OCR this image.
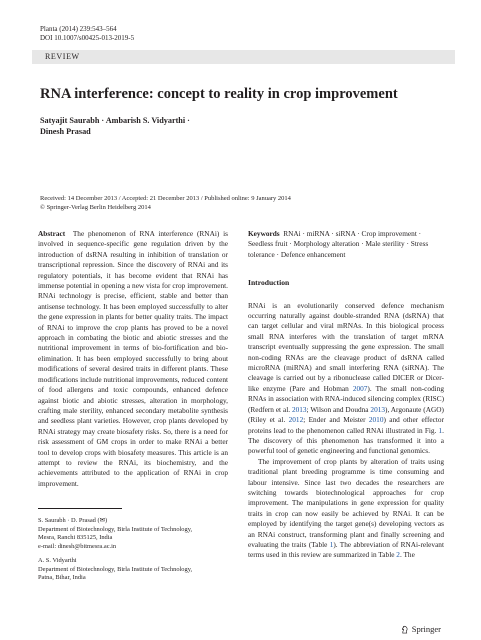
Planta (2014) 239:543–564
DOI 10.1007/s00425-013-2019-5
REVIEW
RNA interference: concept to reality in crop improvement
Satyajit Saurabh · Ambarish S. Vidyarthi ·
Dinesh Prasad
Received: 14 December 2013 / Accepted: 21 December 2013 / Published online: 9 January 2014
© Springer-Verlag Berlin Heidelberg 2014

Abstract The phenomenon of RNA interference (RNAi) is involved in sequence-specific gene regulation driven by the introduction of dsRNA resulting in inhibition of translation or transcriptional repression. Since the discovery of RNAi and its regulatory potentials, it has become evident that RNAi has immense potential in opening a new vista for crop improvement. RNAi technology is precise, efficient, stable and better than antisense technology. It has been employed successfully to alter the gene expression in plants for better quality traits. The impact of RNAi to improve the crop plants has proved to be a novel approach in combating the biotic and abiotic stresses and the nutritional improvement in terms of bio-fortification and bio-elimination. It has been employed successfully to bring about modifications of several desired traits in different plants. These modifications include nutritional improvements, reduced content of food allergens and toxic compounds, enhanced defence against biotic and abiotic stresses, alteration in morphology, crafting male sterility, enhanced secondary metabolite synthesis and seedless plant varieties. However, crop plants developed by RNAi strategy may create biosafety risks. So, there is a need for risk assessment of GM crops in order to make RNAi a better tool to develop crops with biosafety measures. This article is an attempt to review the RNAi, its biochemistry, and the achievements attributed to the application of RNAi in crop improvement.

S. Saurabh · D. Prasad (✉)
Department of Biotechnology, Birla Institute of Technology,
Mesra, Ranchi 835125, India
e-mail: dinesh@bitmesra.ac.in
A. S. Vidyarthi
Department of Biotechnology, Birla Institute of Technology,
Patna, Bihar, India

Keywords RNAi · miRNA · siRNA · Crop improvement · Seedless fruit · Morphology alteration · Male sterility · Stress tolerance · Defence enhancement

Introduction

RNAi is an evolutionarily conserved defence mechanism occurring naturally against double-stranded RNA (dsRNA) that can target cellular and viral mRNAs. In this biological process small RNA interferes with the translation of target mRNA transcript eventually suppressing the gene expression. The small non-coding RNAs are the cleavage product of dsRNA called microRNA (miRNA) and small interfering RNA (siRNA). The cleavage is carried out by a ribonuclease called DICER or Dicer-like enzyme (Pare and Hobman 2007). The small non-coding RNAs in association with RNA-induced silencing complex (RISC) (Redfern et al. 2013; Wilson and Doudna 2013), Argonaute (AGO) (Riley et al. 2012; Ender and Meister 2010) and other effector proteins lead to the phenomenon called RNAi illustrated in Fig. 1. The discovery of this phenomenon has transformed it into a powerful tool of genetic engineering and functional genomics.

The improvement of crop plants by alteration of traits using traditional plant breeding programme is time consuming and labour intensive. Since last two decades the researchers are switching towards biotechnological approaches for crop improvement. The manipulations in gene expression for quality traits in crop can now easily be achieved by RNAi. It can be employed by identifying the target gene(s) developing vectors as an RNAi construct, transforming plant and finally screening and evaluating the traits (Table 1). The abbreviation of RNAi-relevant terms used in this review are summarized in Table 2. The

Springer
